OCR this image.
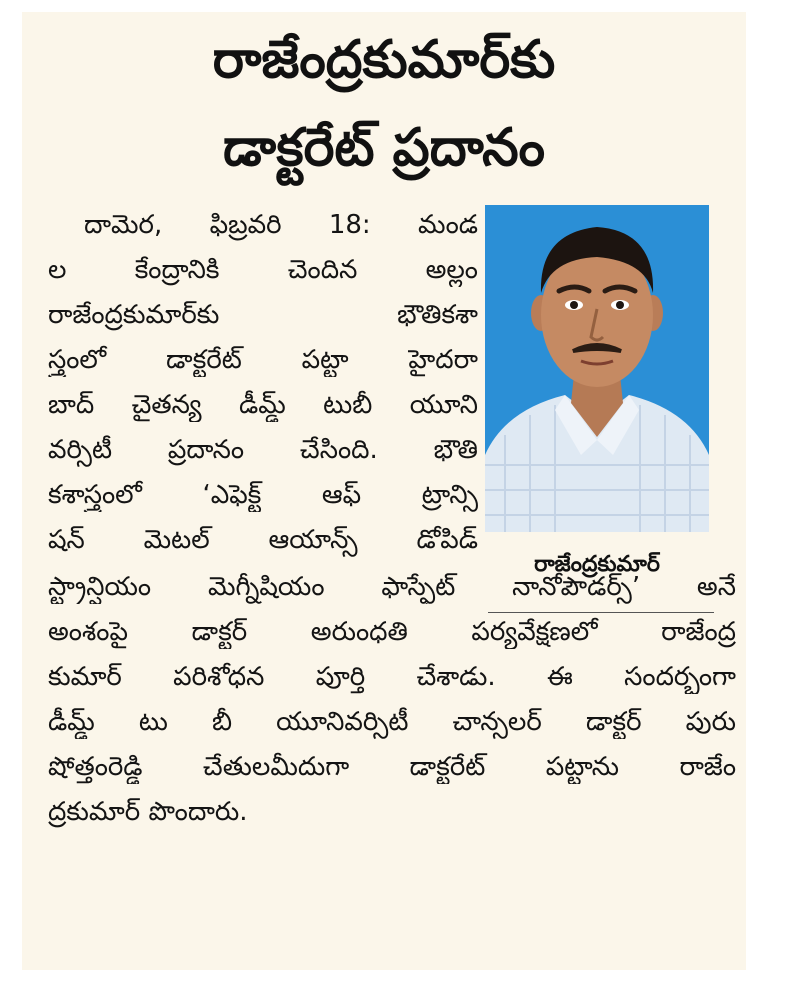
రాజేంద్రకుమార్‌కు
డాక్టరేట్‌ ప్రదానం
దామెర, ఫిబ్రవరి 18: మండ
ల కేంద్రానికి చెందిన అల్లం
రాజేంద్రకుమార్‌కు భౌతికశా
స్త్రంలో డాక్టరేట్‌ పట్టా హైదరా
బాద్‌ చైతన్య డీమ్డ్‌ టుబీ యూని
వర్సిటీ ప్రదానం చేసింది. భౌతి
కశాస్త్రంలో ‘ఎఫెక్ట్‌ ఆఫ్‌ ట్రాన్సి
షన్‌ మెటల్‌ ఆయాన్స్‌ డోపిడ్‌
స్ట్రాన్షియం మెగ్నీషియం ఫాస్ఫేట్‌ నానోపౌడర్స్‌’ అనే
అంశంపై డాక్టర్‌ అరుంధతి పర్యవేక్షణలో రాజేంద్ర
కుమార్‌ పరిశోధన పూర్తి చేశాడు. ఈ సందర్భంగా
డీమ్డ్‌ టు బీ యూనివర్సిటీ చాన్సలర్‌ డాక్టర్‌ పురు
షోత్తంరెడ్డి చేతులమీదుగా డాక్టరేట్‌ పట్టాను రాజేం
ద్రకుమార్‌ పొందారు.
రాజేంద్రకుమార్‌
